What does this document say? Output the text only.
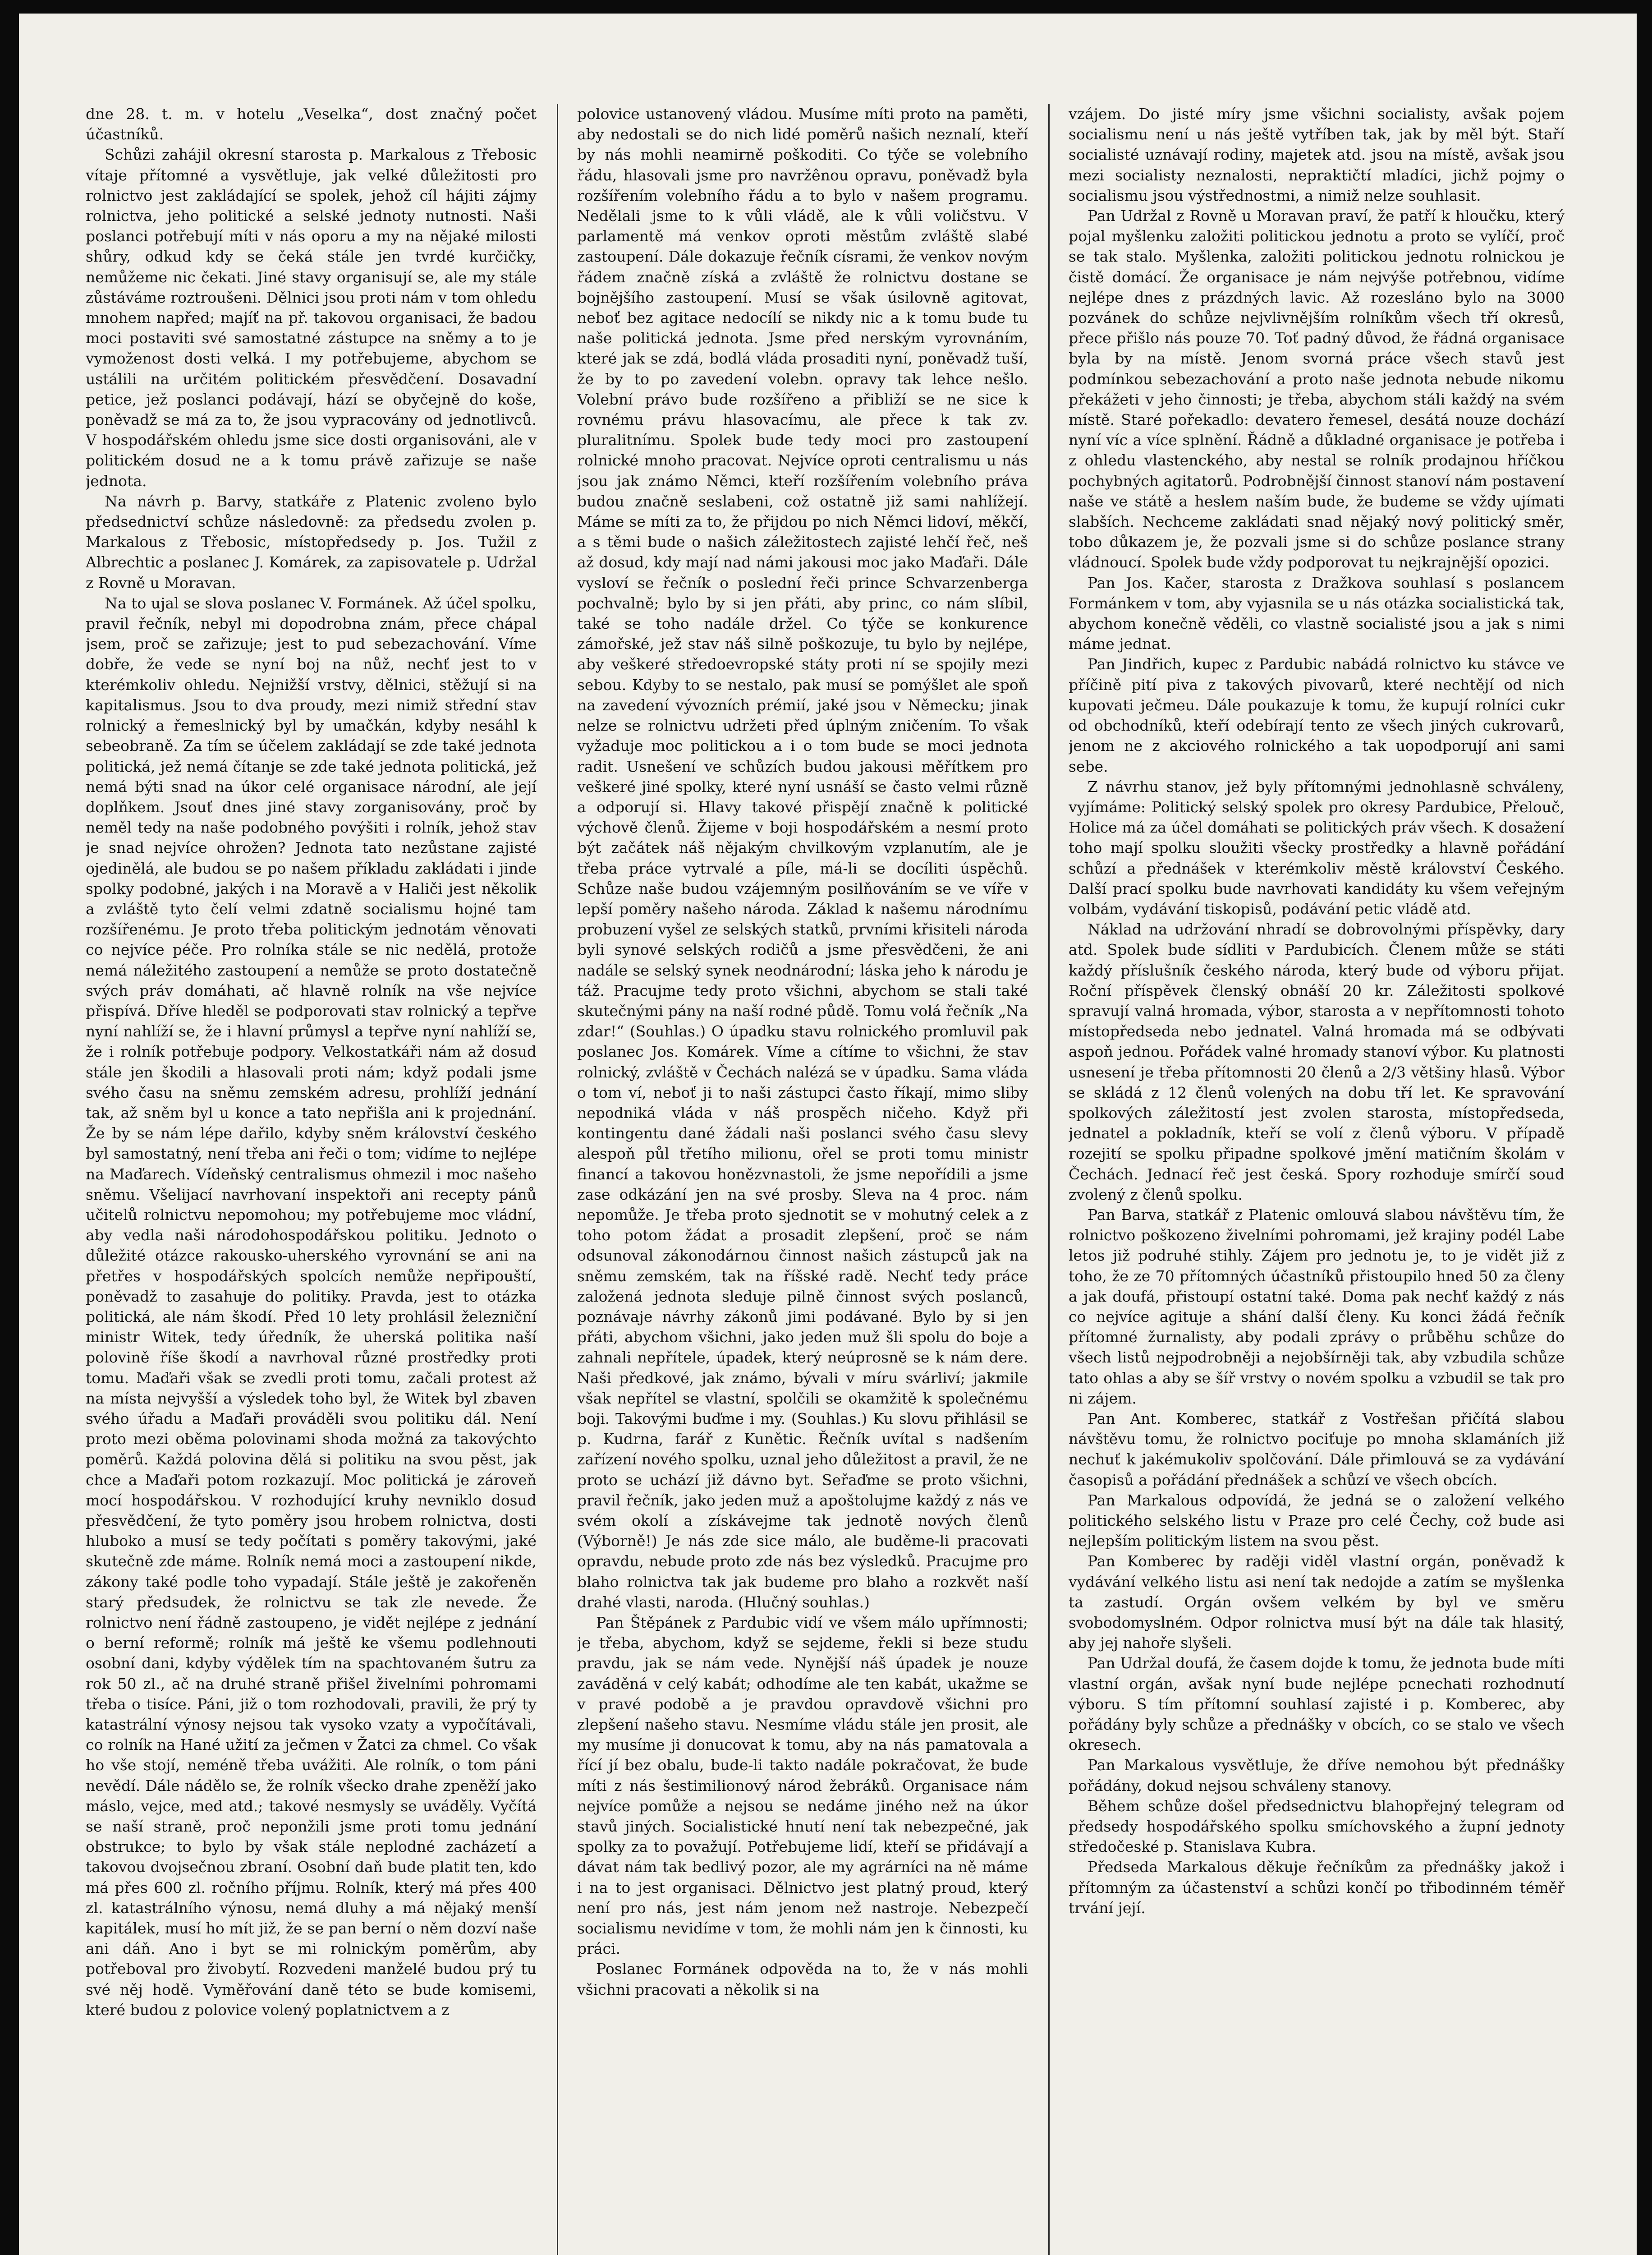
dne 28. t. m. v hotelu „Veselka“, dost značný počet účastníků.

Schůzi zahájil okresní starosta p. Markalous z Třebosic vítaje přítomné a vysvětluje, jak velké důležitosti pro rolnictvo jest zakládající se spolek, jehož cíl hájiti zájmy rolnictva, jeho politické a selské jednoty nutnosti. Naši poslanci potřebují míti v nás oporu a my na nějaké milosti shůry, odkud kdy se čeká stále jen tvrdé kurčičky, nemůžeme nic čekati. Jiné stavy organisují se, ale my stále zůstáváme roztroušeni. Dělnici jsou proti nám v tom ohledu mnohem napřed; majíť na př. takovou organisaci, že badou moci postaviti své samostatné zástupce na sněmy a to je vymoženost dosti velká. I my potřebujeme, abychom se ustálili na určitém politickém přesvědčení. Dosavadní petice, jež poslanci podávají, hází se obyčejně do koše, poněvadž se má za to, že jsou vypracovány od jednotlivců. V hospodářském ohledu jsme sice dosti organisováni, ale v politickém dosud ne a k tomu právě zařizuje se naše jednota.

Na návrh p. Barvy, statkáře z Platenic zvoleno bylo předsednictví schůze následovně: za předsedu zvolen p. Markalous z Třebosic, místopředsedy p. Jos. Tužil z Albrechtic a poslanec J. Komárek, za zapisovatele p. Udržal z Rovně u Moravan.

Na to ujal se slova poslanec V. Formánek. Až účel spolku, pravil řečník, nebyl mi dopodrobna znám, přece chápal jsem, proč se zařizuje; jest to pud sebezachování. Víme dobře, že vede se nyní boj na nůž, nechť jest to v kterémkoliv ohledu. Nejnižší vrstvy, dělnici, stěžují si na kapitalismus. Jsou to dva proudy, mezi nimiž střední stav rolnický a řemeslnický byl by umačkán, kdyby nesáhl k sebeobraně. Za tím se účelem zakládají se zde také jednota politická, jež nemá čítanje se zde také jednota politická, jež nemá býti snad na úkor celé organisace národní, ale její doplňkem. Jsouť dnes jiné stavy zorganisovány, proč by neměl tedy na naše podobného povýšiti i rolník, jehož stav je snad nejvíce ohrožen? Jednota tato nezůstane zajisté ojedinělá, ale budou se po našem příkladu zakládati i jinde spolky podobné, jakých i na Moravě a v Haliči jest několik a zvláště tyto čelí velmi zdatně socialismu hojné tam rozšířenému. Je proto třeba politickým jednotám věnovati co nejvíce péče. Pro rolníka stále se nic nedělá, protože nemá náležitého zastoupení a nemůže se proto dostatečně svých práv domáhati, ač hlavně rolník na vše nejvíce přispívá. Dříve hleděl se podporovati stav rolnický a tepřve nyní nahlíží se, že i hlavní průmysl a tepřve nyní nahlíží se, že i rolník potřebuje podpory. Velkostatkáři nám až dosud stále jen škodili a hlasovali proti nám; když podali jsme svého času na sněmu zemském adresu, prohlíží jednání tak, až sněm byl u konce a tato nepřišla ani k projednání. Že by se nám lépe dařilo, kdyby sněm království českého byl samostatný, není třeba ani řeči o tom; vidíme to nejlépe na Maďarech. Vídeňský centralismus ohmezil i moc našeho sněmu. Všelijací navrhovaní inspektoři ani recepty pánů učitelů rolnictvu nepomohou; my potřebujeme moc vládní, aby vedla naši národohospodářskou politiku. Jednoto o důležité otázce rakousko-uherského vyrovnání se ani na přetřes v hospodářských spolcích nemůže nepřipouští, poněvadž to zasahuje do politiky. Pravda, jest to otázka politická, ale nám škodí. Před 10 lety prohlásil železniční ministr Witek, tedy úředník, že uherská politika naší polovině říše škodí a navrhoval různé prostředky proti tomu. Maďaři však se zvedli proti tomu, začali protest až na místa nejvyšší a výsledek toho byl, že Witek byl zbaven svého úřadu a Maďaři prováděli svou politiku dál. Není proto mezi oběma polovinami shoda možná za takovýchto poměrů. Každá polovina dělá si politiku na svou pěst, jak chce a Maďaři potom rozkazují. Moc politická je zároveň mocí hospodářskou. V rozhodující kruhy nevniklo dosud přesvědčení, že tyto poměry jsou hrobem rolnictva, dosti hluboko a musí se tedy počítati s poměry takovými, jaké skutečně zde máme. Rolník nemá moci a zastoupení nikde, zákony také podle toho vypadají. Stále ještě je zakořeněn starý předsudek, že rolnictvu se tak zle nevede. Že rolnictvo není řádně zastoupeno, je vidět nejlépe z jednání o berní reformě; rolník má ještě ke všemu podlehnouti osobní dani, kdyby výdělek tím na spachtovaném šutru za rok 50 zl., ač na druhé straně přišel živelními pohromami třeba o tisíce. Páni, již o tom rozhodovali, pravili, že prý ty katastrální výnosy nejsou tak vysoko vzaty a vypočítávali, co rolník na Hané užití za ječmen v Žatci za chmel. Co však ho vše stojí, neméně třeba uvážiti. Ale rolník, o tom páni nevědí. Dále nádělo se, že rolník všecko drahe zpeněží jako máslo, vejce, med atd.; takové nesmysly se uváděly. Vyčítá se naší straně, proč neponžili jsme proti tomu jednání obstrukce; to bylo by však stále neplodné zacházetí a takovou dvojsečnou zbraní. Osobní daň bude platit ten, kdo má přes 600 zl. ročního příjmu. Rolník, který má přes 400 zl. katastrálního výnosu, nemá dluhy a má nějaký menší kapitálek, musí ho mít již, že se pan berní o něm dozví naše ani dáň. Ano i byt se mi rolnickým poměrům, aby potřeboval pro živobytí. Rozvedeni manželé budou prý tu své něj hodě. Vyměřování daně této se bude komisemi, které budou z polovice volený poplatnictvem a z

polovice ustanovený vládou. Musíme míti proto na paměti, aby nedostali se do nich lidé poměrů našich neznalí, kteří by nás mohli neamirně poškoditi. Co týče se volebního řádu, hlasovali jsme pro navržênou opravu, poněvadž byla rozšířením volebního řádu a to bylo v našem programu. Nedělali jsme to k vůli vládě, ale k vůli voličstvu. V parlamentě má venkov oproti městům zvláště slabé zastoupení. Dále dokazuje řečník císrami, že venkov novým řádem značně získá a zvláště že rolnictvu dostane se bojnějšího zastoupení. Musí se však úsilovně agitovat, neboť bez agitace nedocílí se nikdy nic a k tomu bude tu naše politická jednota. Jsme před nerským vyrovnáním, které jak se zdá, bodlá vláda prosaditi nyní, poněvadž tuší, že by to po zavedení volebn. opravy tak lehce nešlo. Volební právo bude rozšířeno a přibliží se ne sice k rovnému právu hlasovacímu, ale přece k tak zv. pluralitnímu. Spolek bude tedy moci pro zastoupení rolnické mnoho pracovat. Nejvíce oproti centralismu u nás jsou jak známo Němci, kteří rozšířením volebního práva budou značně seslabeni, což ostatně již sami nahlížejí. Máme se míti za to, že přijdou po nich Němci lidoví, měkčí, a s těmi bude o našich záležitostech zajisté lehčí řeč, neš až dosud, kdy mají nad námi jakousi moc jako Maďaři. Dále vysloví se řečník o poslední řeči prince Schvarzenberga pochvalně; bylo by si jen přáti, aby princ, co nám slíbil, také se toho nadále držel. Co týče se konkurence zámořské, jež stav náš silně poškozuje, tu bylo by nejlépe, aby veškeré středoevropské státy proti ní se spojily mezi sebou. Kdyby to se nestalo, pak musí se pomýšlet ale spoň na zavedení vývozních prémií, jaké jsou v Německu; jinak nelze se rolnictvu udržeti před úplným zničením. To však vyžaduje moc politickou a i o tom bude se moci jednota radit. Usnešení ve schůzích budou jakousi měřítkem pro veškeré jiné spolky, které nyní usnáší se často velmi různě a odporují si. Hlavy takové přispějí značně k politické výchově členů. Žijeme v boji hospodářském a nesmí proto být začátek náš nějakým chvilkovým vzplanutím, ale je třeba práce vytrvalé a píle, má-li se docíliti úspěchů. Schůze naše budou vzájemným posilňováním se ve víře v lepší poměry našeho národa. Základ k našemu národnímu probuzení vyšel ze selských statků, prvními křisiteli národa byli synové selských rodičů a jsme přesvědčeni, že ani nadále se selský synek neodnárodní; láska jeho k národu je táž. Pracujme tedy proto všichni, abychom se stali také skutečnými pány na naší rodné půdě. Tomu volá řečník „Na zdar!“ (Souhlas.) O úpadku stavu rolnického promluvil pak poslanec Jos. Komárek. Víme a cítíme to všichni, že stav rolnický, zvláště v Čechách nalézá se v úpadku. Sama vláda o tom ví, neboť ji to naši zástupci často říkají, mimo sliby nepodniká vláda v náš prospěch ničeho. Když při kontingentu dané žádali naši poslanci svého času slevy alespoň půl třetího milionu, ořel se proti tomu ministr financí a takovou honězvnastoli, že jsme nepořídili a jsme zase odkázání jen na své prosby. Sleva na 4 proc. nám nepomůže. Je třeba proto sjednotit se v mohutný celek a z toho potom žádat a prosadit zlepšení, proč se nám odsunoval zákonodárnou činnost našich zástupců jak na sněmu zemském, tak na říšské radě. Nechť tedy práce založená jednota sleduje pilně činnost svých poslanců, poznávaje návrhy zákonů jimi podávané. Bylo by si jen přáti, abychom všichni, jako jeden muž šli spolu do boje a zahnali nepřítele, úpadek, který neúprosně se k nám dere. Naši předkové, jak známo, bývali v míru svárliví; jakmile však nepřítel se vlastní, spolčili se okamžitě k společnému boji. Takovými buďme i my. (Souhlas.) Ku slovu přihlásil se p. Kudrna, farář z Kunětic. Řečník uvítal s nadšením zařízení nového spolku, uznal jeho důležitost a pravil, že ne proto se uchází již dávno byt. Seřaďme se proto všichni, pravil řečník, jako jeden muž a apoštolujme každý z nás ve svém okolí a získávejme tak jednotě nových členů (Výborně!) Je nás zde sice málo, ale buděme-li pracovati opravdu, nebude proto zde nás bez výsledků. Pracujme pro blaho rolnictva tak jak budeme pro blaho a rozkvět naší drahé vlasti, naroda. (Hlučný souhlas.)

Pan Štěpánek z Pardubic vidí ve všem málo upřímnosti; je třeba, abychom, když se sejdeme, řekli si beze studu pravdu, jak se nám vede. Nynější náš úpadek je nouze zaváděná v celý kabát; odhodíme ale ten kabát, ukažme se v pravé podobě a je pravdou opravdově všichni pro zlepšení našeho stavu. Nesmíme vládu stále jen prosit, ale my musíme ji donucovat k tomu, aby na nás pamatovala a řící jí bez obalu, bude-li takto nadále pokračovat, že bude míti z nás šestimilionový národ žebráků. Organisace nám nejvíce pomůže a nejsou se nedáme jiného než na úkor stavů jiných. Socialistické hnutí není tak nebezpečné, jak spolky za to považují. Potřebujeme lidí, kteří se přidávají a dávat nám tak bedlivý pozor, ale my agrárníci na ně máme i na to jest organisaci. Dělnictvo jest platný proud, který není pro nás, jest nám jenom než nastroje. Nebezpečí socialismu nevidíme v tom, že mohli nám jen k činnosti, ku práci.

Poslanec Formánek odpověda na to, že v nás mohli všichni pracovati a několik si na

vzájem. Do jisté míry jsme všichni socialisty, avšak pojem socialismu není u nás ještě vytříben tak, jak by měl být. Staří socialisté uznávají rodiny, majetek atd. jsou na místě, avšak jsou mezi socialisty neznalosti, nepraktičtí mladíci, jichž pojmy o socialismu jsou výstřednostmi, a nimiž nelze souhlasit.

Pan Udržal z Rovně u Moravan praví, že patří k hloučku, který pojal myšlenku založiti politickou jednotu a proto se vylíčí, proč se tak stalo. Myšlenka, založiti politickou jednotu rolnickou je čistě domácí. Že organisace je nám nejvýše potřebnou, vidíme nejlépe dnes z prázdných lavic. Až rozesláno bylo na 3000 pozvánek do schůze nejvlivnějším rolníkům všech tří okresů, přece přišlo nás pouze 70. Toť padný důvod, že řádná organisace byla by na místě. Jenom svorná práce všech stavů jest podmínkou sebezachování a proto naše jednota nebude nikomu překážeti v jeho činnosti; je třeba, abychom stáli každý na svém místě. Staré pořekadlo: devatero řemesel, desátá nouze dochází nyní víc a více splnění. Řádně a důkladné organisace je potřeba i z ohledu vlastenckého, aby nestal se rolník prodajnou hříčkou pochybných agitatorů. Podrobnější činnost stanoví nám postavení naše ve státě a heslem naším bude, že budeme se vždy ujímati slabších. Nechceme zakládati snad nějaký nový politický směr, tobo důkazem je, že pozvali jsme si do schůze poslance strany vládnoucí. Spolek bude vždy podporovat tu nejkrajnější opozici.

Pan Jos. Kačer, starosta z Dražkova souhlasí s poslancem Formánkem v tom, aby vyjasnila se u nás otázka socialistická tak, abychom konečně věděli, co vlastně socialisté jsou a jak s nimi máme jednat.

Pan Jindřich, kupec z Pardubic nabádá rolnictvo ku stávce ve příčině pití piva z takových pivovarů, které nechtějí od nich kupovati ječmeu. Dále poukazuje k tomu, že kupují rolníci cukr od obchodníků, kteří odebírají tento ze všech jiných cukrovarů, jenom ne z akciového rolnického a tak uopodporují ani sami sebe.

Z návrhu stanov, jež byly přítomnými jednohlasně schváleny, vyjímáme: Politický selský spolek pro okresy Pardubice, Přelouč, Holice má za účel domáhati se politických práv všech. K dosažení toho mají spolku sloužiti všecky prostředky a hlavně pořádání schůzí a přednášek v kterémkoliv městě království Českého. Další prací spolku bude navrhovati kandidáty ku všem veřejným volbám, vydávání tiskopisů, podávání petic vládě atd.

Náklad na udržování nhradí se dobrovolnými příspěvky, dary atd. Spolek bude sídliti v Pardubicích. Členem může se státi každý příslušník českého národa, který bude od výboru přijat. Roční příspěvek členský obnáší 20 kr. Záležitosti spolkové spravují valná hromada, výbor, starosta a v nepřítomnosti tohoto místopředseda nebo jednatel. Valná hromada má se odbývati aspoň jednou. Pořádek valné hromady stanoví výbor. Ku platnosti usnesení je třeba přítomnosti 20 členů a 2/3 většiny hlasů. Výbor se skládá z 12 členů volených na dobu tří let. Ke spravování spolkových záležitostí jest zvolen starosta, místopředseda, jednatel a pokladník, kteří se volí z členů výboru. V případě rozejití se spolku připadne spolkové jmění matičním školám v Čechách. Jednací řeč jest česká. Spory rozhoduje smírčí soud zvolený z členů spolku.

Pan Barva, statkář z Platenic omlouvá slabou návštěvu tím, že rolnictvo poškozeno živelními pohromami, jež krajiny podél Labe letos již podruhé stihly. Zájem pro jednotu je, to je vidět již z toho, že ze 70 přítomných účastníků přistoupilo hned 50 za členy a jak doufá, přistoupí ostatní také. Doma pak nechť každý z nás co nejvíce agituje a shání další členy. Ku konci žádá řečník přítomné žurnalisty, aby podali zprávy o průběhu schůze do všech listů nejpodrobněji a nejobšírněji tak, aby vzbudila schůze tato ohlas a aby se šíř vrstvy o novém spolku a vzbudil se tak pro ni zájem.

Pan Ant. Komberec, statkář z Vostřešan přičítá slabou návštěvu tomu, že rolnictvo pociťuje po mnoha sklamáních již nechuť k jakémukoliv spolčování. Dále přimlouvá se za vydávání časopisů a pořádání přednášek a schůzí ve všech obcích.

Pan Markalous odpovídá, že jedná se o založení velkého politického selského listu v Praze pro celé Čechy, což bude asi nejlepším politickým listem na svou pěst.

Pan Komberec by raději viděl vlastní orgán, poněvadž k vydávání velkého listu asi není tak nedojde a zatím se myšlenka ta zastudí. Orgán ovšem velkém by byl ve směru svobodomyslném. Odpor rolnictva musí být na dále tak hlasitý, aby jej nahoře slyšeli.

Pan Udržal doufá, že časem dojde k tomu, že jednota bude míti vlastní orgán, avšak nyní bude nejlépe pcnechati rozhodnutí výboru. S tím přítomní souhlasí zajisté i p. Komberec, aby pořádány byly schůze a přednášky v obcích, co se stalo ve všech okresech.

Pan Markalous vysvětluje, že dříve nemohou být přednášky pořádány, dokud nejsou schváleny stanovy.

Během schůze došel předsednictvu blahopřejný telegram od předsedy hospodářského spolku smíchovského a župní jednoty středočeské p. Stanislava Kubra.

Předseda Markalous děkuje řečníkům za přednášky jakož i přítomným za účastenství a schůzi končí po třibodinném téměř trvání její.
